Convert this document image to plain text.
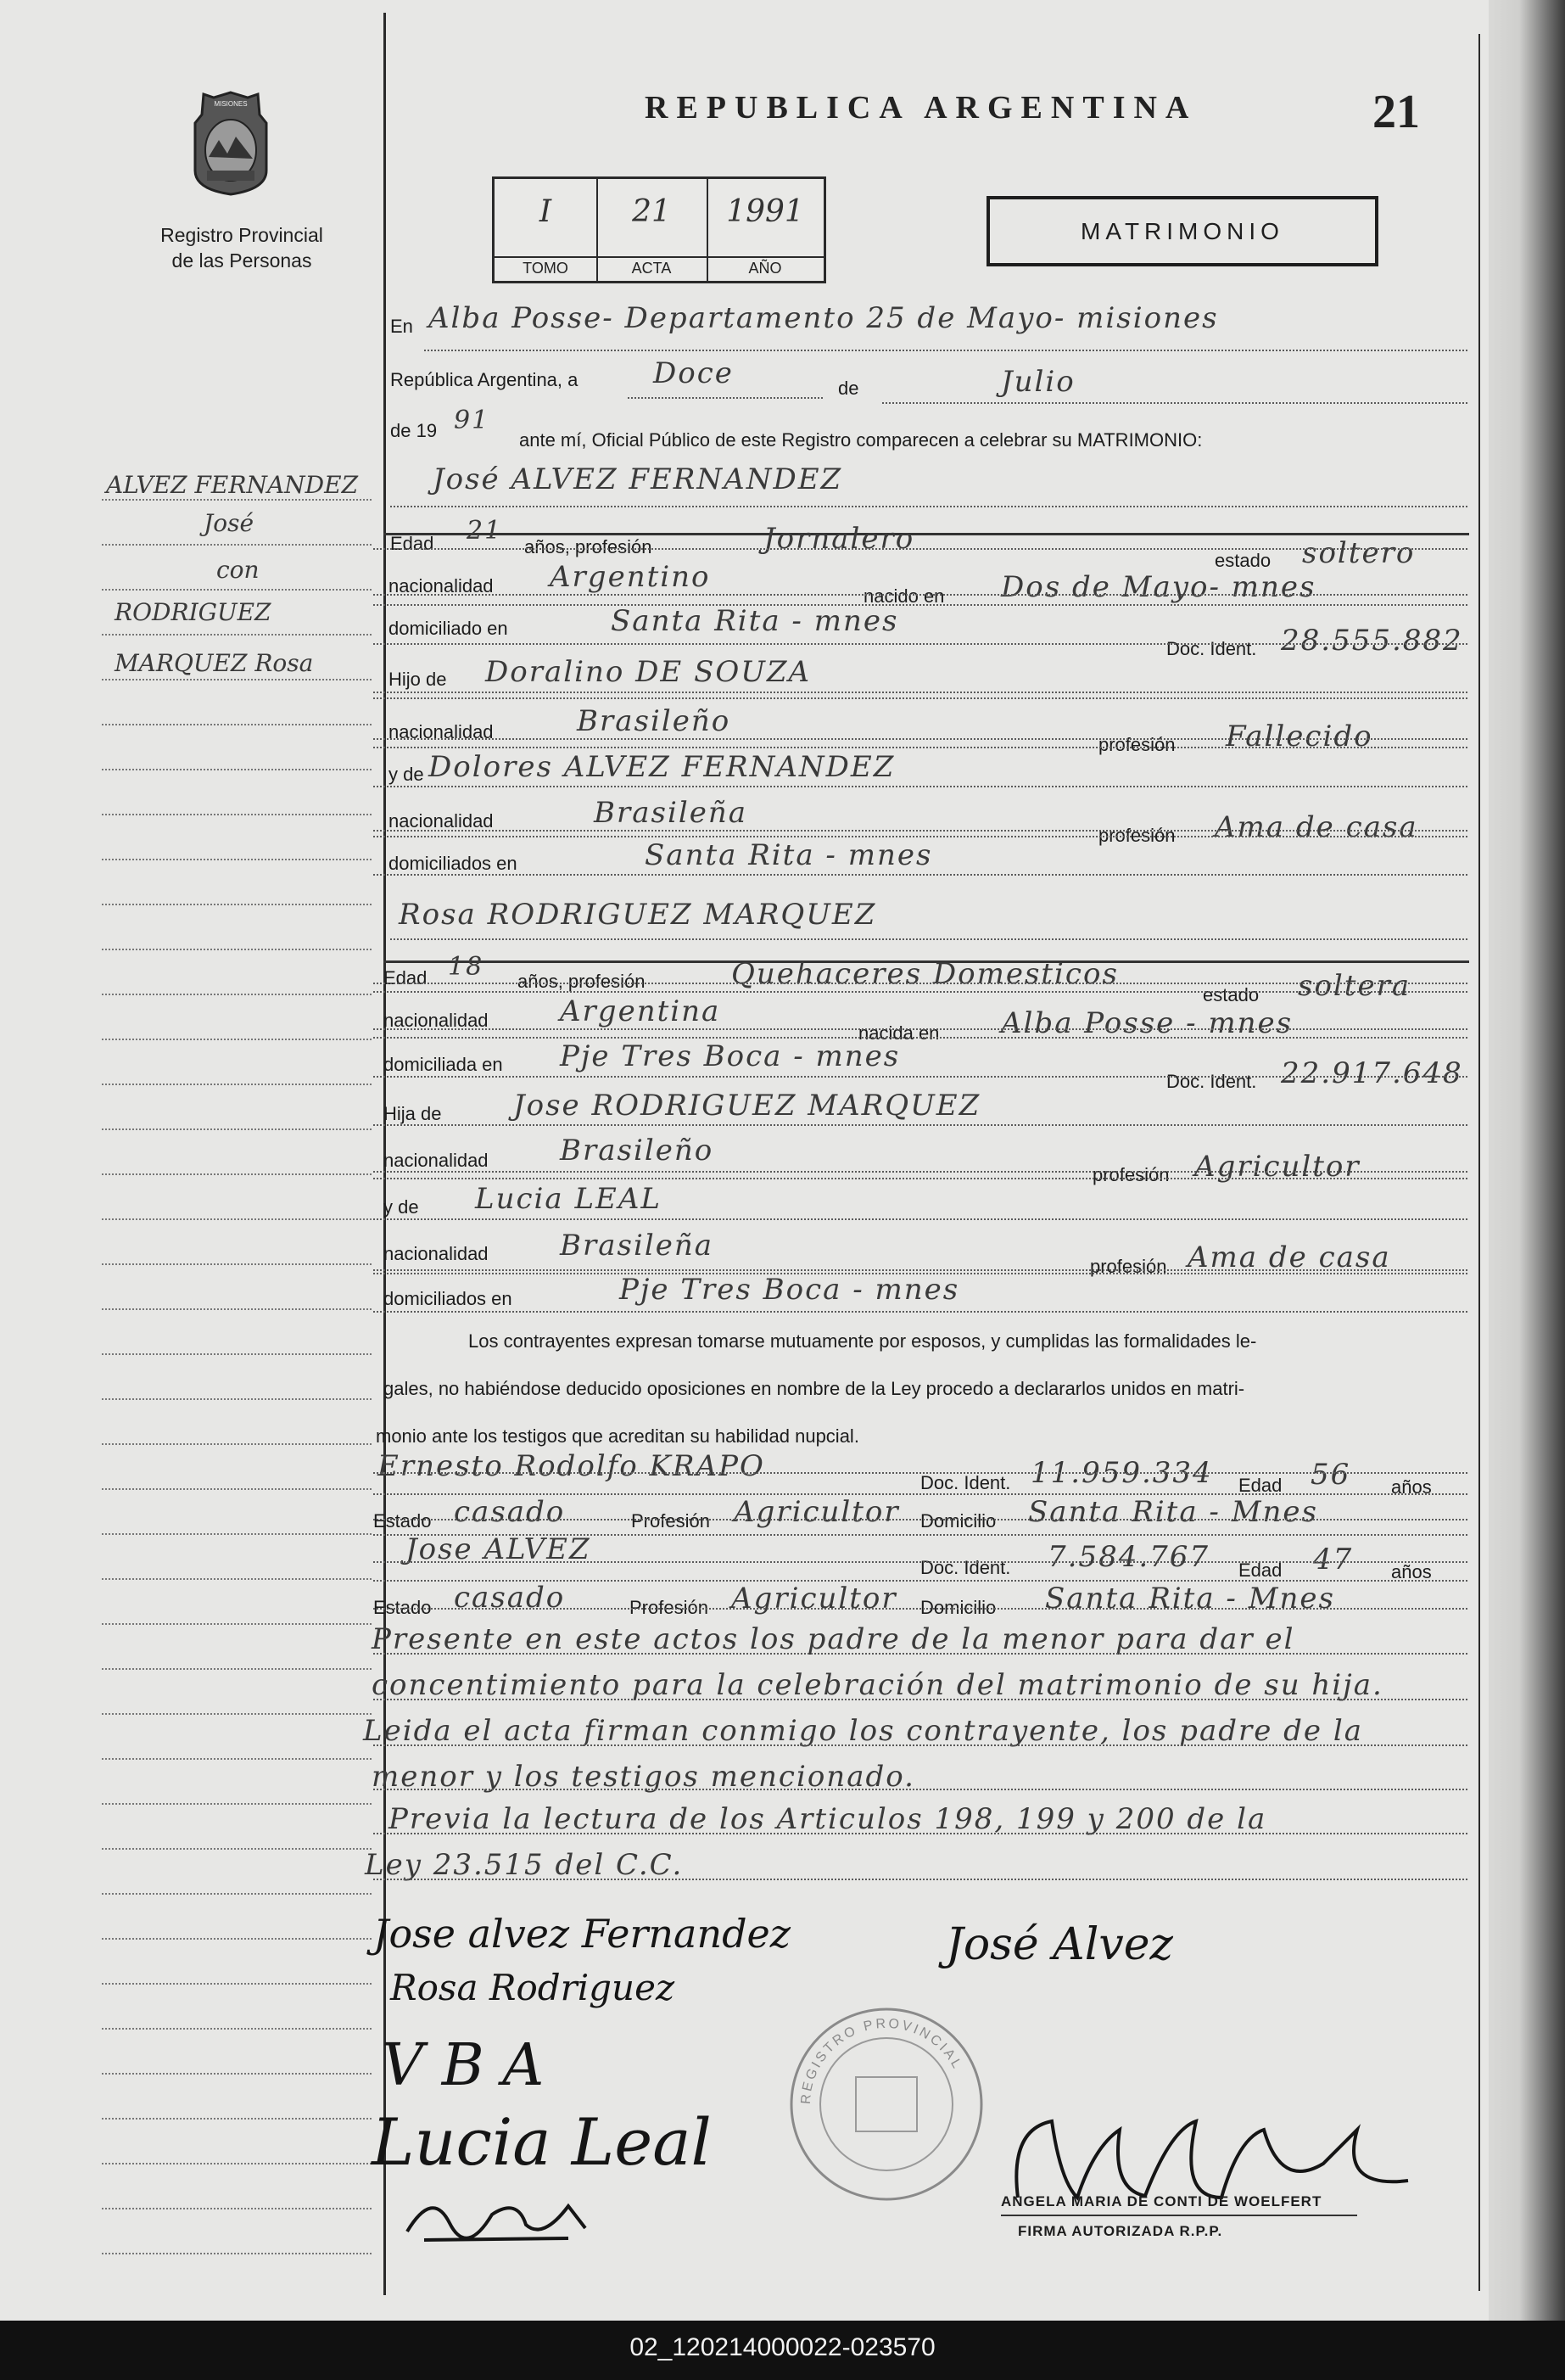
MISIONES
Registro Provincial
de las Personas
REPUBLICA ARGENTINA	21
I
TOMO
21
ACTA
1991
AÑO
MATRIMONIO
ALVEZ FERNANDEZ
José
con
RODRIGUEZ
MARQUEZ Rosa
En Alba Posse- Departamento 25 de Mayo- misiones
República Argentina, a	Doce	de	Julio
de 19 91
ante mí, Oficial Público de este Registro comparecen a celebrar su MATRIMONIO:
José ALVEZ FERNANDEZ
Edad 21
años, profesión	Jornalero
estado soltero
nacionalidad Argentino
nacido en Dos de Mayo- mnes
domiciliado en	Santa Rita - mnes
Doc. Ident. 28.555.882
Hijo de Doralino DE SOUZA
nacionalidad	Brasileño
profesión Fallecido
y de Dolores ALVEZ FERNANDEZ
nacionalidad	Brasileña
profesión Ama de casa
domiciliados en	Santa Rita - mnes
Rosa RODRIGUEZ MARQUEZ
Edad 18 años, profesión	Quehaceres Domesticos
estado soltera
nacionalidad Argentina
nacida en Alba Posse - mnes
domiciliada en Pje Tres Boca - mnes
Doc. Ident. 22.917.648
Hija de Jose RODRIGUEZ MARQUEZ
nacionalidad Brasileño
profesión Agricultor
y de Lucia LEAL
nacionalidad Brasileña
profesión Ama de casa
domiciliados en	Pje Tres Boca - mnes
Los contrayentes expresan tomarse mutuamente por esposos, y cumplidas las formalidades le-
gales, no habiéndose deducido oposiciones en nombre de la Ley procedo a declararlos unidos en matri-
monio ante los testigos que acreditan su habilidad nupcial.
Ernesto Rodolfo KRAPO	Doc. Ident. 11.959.334 Edad 56 años
Estado casado	Profesión Agricultor Domicilio Santa Rita - Mnes
Jose ALVEZ
Doc. Ident. 7.584.767 Edad 47 años
Estado casado	Profesión Agricultor Domicilio Santa Rita - Mnes
Presente en este actos los padre de la menor para dar el
concentimiento para la celebración del matrimonio de su hija.
Leida el acta firman conmigo los contrayente, los padre de la
menor y los testigos mencionado.
Previa la lectura de los Articulos 198, 199 y 200 de la
Ley 23.515 del C.C.
REGISTRO PROVINCIAL
Jose alvez Fernandez
Rosa Rodriguez
José Alvez
V B A
Lucia Leal
ANGELA MARIA DE CONTI DE WOELFERT
FIRMA AUTORIZADA R.P.P.
02_120214000022-023570
